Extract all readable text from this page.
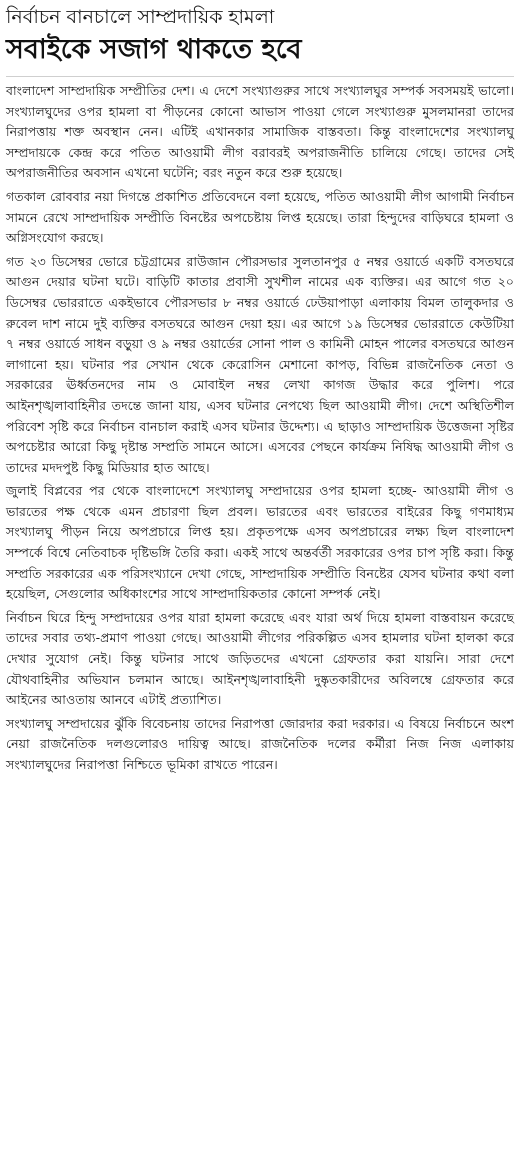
নির্বাচন বানচালে সাম্প্রদায়িক হামলা
সবাইকে সজাগ থাকতে হবে

বাংলাদেশ সাম্প্রদায়িক সম্প্রীতির দেশ। এ দেশে সংখ্যাগুরুর সাথে সংখ্যালঘুর সম্পর্ক সবসময়ই ভালো। সংখ্যালঘুদের ওপর হামলা বা পীড়নের কোনো আভাস পাওয়া গেলে সংখ্যাগুরু মুসলমানরা তাদের নিরাপত্তায় শক্ত অবস্থান নেন। এটিই এখানকার সামাজিক বাস্তবতা। কিন্তু বাংলাদেশের সংখ্যালঘু সম্প্রদায়কে কেন্দ্র করে পতিত আওয়ামী লীগ বরাবরই অপরাজনীতি চালিয়ে গেছে। তাদের সেই অপরাজনীতির অবসান এখনো ঘটেনি; বরং নতুন করে শুরু হয়েছে।

গতকাল রোববার নয়া দিগন্তে প্রকাশিত প্রতিবেদনে বলা হয়েছে, পতিত আওয়ামী লীগ আগামী নির্বাচন সামনে রেখে সাম্প্রদায়িক সম্প্রীতি বিনষ্টের অপচেষ্টায় লিপ্ত হয়েছে। তারা হিন্দুদের বাড়িঘরে হামলা ও অগ্নিসংযোগ করছে।

গত ২৩ ডিসেম্বর ভোরে চট্টগ্রামের রাউজান পৌরসভার সুলতানপুর ৫ নম্বর ওয়ার্ডে একটি বসতঘরে আগুন দেয়ার ঘটনা ঘটে। বাড়িটি কাতার প্রবাসী সুখশীল নামের এক ব্যক্তির। এর আগে গত ২০ ডিসেম্বর ভোররাতে একইভাবে পৌরসভার ৮ নম্বর ওয়ার্ডে ঢেউয়াপাড়া এলাকায় বিমল তালুকদার ও রুবেল দাশ নামে দুই ব্যক্তির বসতঘরে আগুন দেয়া হয়। এর আগে ১৯ ডিসেম্বর ভোররাতে কেউটিয়া ৭ নম্বর ওয়ার্ডে সাধন বড়ুয়া ও ৯ নম্বর ওয়ার্ডের সোনা পাল ও কামিনী মোহন পালের বসতঘরে আগুন লাগানো হয়। ঘটনার পর সেখান থেকে কেরোসিন মেশানো কাপড়, বিভিন্ন রাজনৈতিক নেতা ও সরকারের ঊর্ধ্বতনদের নাম ও মোবাইল নম্বর লেখা কাগজ উদ্ধার করে পুলিশ। পরে আইনশৃঙ্খলাবাহিনীর তদন্তে জানা যায়, এসব ঘটনার নেপথ্যে ছিল আওয়ামী লীগ। দেশে অস্থিতিশীল পরিবেশ সৃষ্টি করে নির্বাচন বানচাল করাই এসব ঘটনার উদ্দেশ্য। এ ছাড়াও সাম্প্রদায়িক উত্তেজনা সৃষ্টির অপচেষ্টার আরো কিছু দৃষ্টান্ত সম্প্রতি সামনে আসে। এসবের পেছনে কার্যক্রম নিষিদ্ধ আওয়ামী লীগ ও তাদের মদদপুষ্ট কিছু মিডিয়ার হাত আছে।

জুলাই বিপ্লবের পর থেকে বাংলাদেশে সংখ্যালঘু সম্প্রদায়ের ওপর হামলা হচ্ছে- আওয়ামী লীগ ও ভারতের পক্ষ থেকে এমন প্রচারণা ছিল প্রবল। ভারতের এবং ভারতের বাইরের কিছু গণমাধ্যম সংখ্যালঘু পীড়ন নিয়ে অপপ্রচারে লিপ্ত হয়। প্রকৃতপক্ষে এসব অপপ্রচারের লক্ষ্য ছিল বাংলাদেশ সম্পর্কে বিশ্বে নেতিবাচক দৃষ্টিভঙ্গি তৈরি করা। একই সাথে অন্তর্বর্তী সরকারের ওপর চাপ সৃষ্টি করা। কিন্তু সম্প্রতি সরকারের এক পরিসংখ্যানে দেখা গেছে, সাম্প্রদায়িক সম্প্রীতি বিনষ্টের যেসব ঘটনার কথা বলা হয়েছিল, সেগুলোর অধিকাংশের সাথে সাম্প্রদায়িকতার কোনো সম্পর্ক নেই।

নির্বাচন ঘিরে হিন্দু সম্প্রদায়ের ওপর যারা হামলা করেছে এবং যারা অর্থ দিয়ে হামলা বাস্তবায়ন করেছে তাদের সবার তথ্য-প্রমাণ পাওয়া গেছে। আওয়ামী লীগের পরিকল্পিত এসব হামলার ঘটনা হালকা করে দেখার সুযোগ নেই। কিন্তু ঘটনার সাথে জড়িতদের এখনো গ্রেফতার করা যায়নি। সারা দেশে যৌথবাহিনীর অভিযান চলমান আছে। আইনশৃঙ্খলাবাহিনী দুষ্কৃতকারীদের অবিলম্বে গ্রেফতার করে আইনের আওতায় আনবে এটাই প্রত্যাশিত।

সংখ্যালঘু সম্প্রদায়ের ঝুঁকি বিবেচনায় তাদের নিরাপত্তা জোরদার করা দরকার। এ বিষয়ে নির্বাচনে অংশ নেয়া রাজনৈতিক দলগুলোরও দায়িত্ব আছে। রাজনৈতিক দলের কর্মীরা নিজ নিজ এলাকায় সংখ্যালঘুদের নিরাপত্তা নিশ্চিতে ভূমিকা রাখতে পারেন।
